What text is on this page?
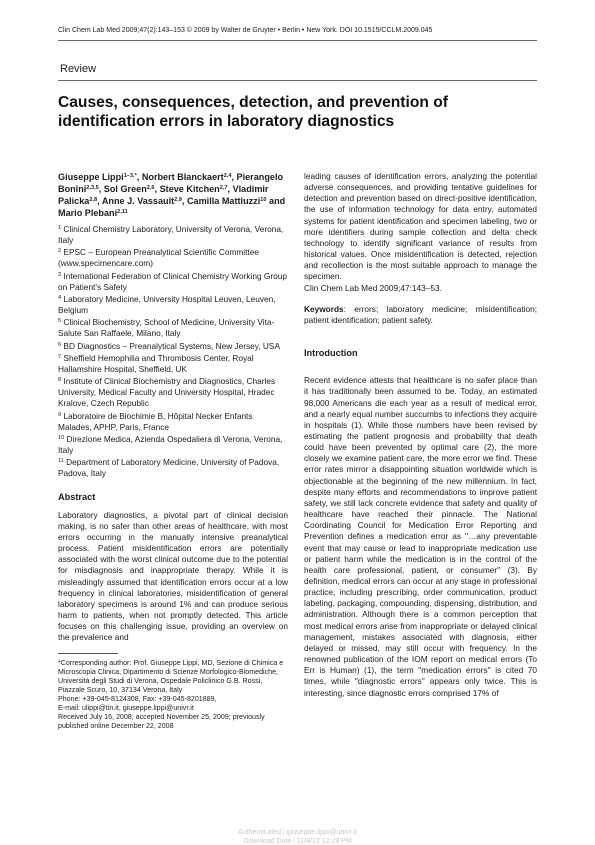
Clin Chem Lab Med 2009;47(2):143–153 © 2009 by Walter de Gruyter • Berlin • New York. DOI 10.1515/CCLM.2009.045
Review
Causes, consequences, detection, and prevention of identification errors in laboratory diagnostics
Giuseppe Lippi$^{1-3,*}$, Norbert Blanckaert$^{2,4}$, Pierangelo Bonini$^{2,3,5}$, Sol Green$^{2,6}$, Steve Kitchen$^{2,7}$, Vladimir Palicka$^{2,8}$, Anne J. Vassault$^{2,9}$, Camilla Mattiuzzi$^{10}$ and Mario Plebani$^{2,11}$

$^1$ Clinical Chemistry Laboratory, University of Verona, Verona, Italy

$^2$ EPSC – European Preanalytical Scientific Committee (www.specimencare.com)

$^3$ International Federation of Clinical Chemistry Working Group on Patient's Safety

$^4$ Laboratory Medicine, University Hospital Leuven, Leuven, Belgium

$^5$ Clinical Biochemistry, School of Medicine, University Vita-Salute San Raffaele, Milano, Italy

$^6$ BD Diagnostics – Preanalytical Systems, New Jersey, USA

$^7$ Sheffield Hemophilia and Thrombosis Center, Royal Hallamshire Hospital, Sheffield, UK

$^8$ Institute of Clinical Biochemistry and Diagnostics, Charles University, Medical Faculty and University Hospital, Hradec Kralove, Czech Republic

$^9$ Laboratoire de Biochimie B, Hôpital Necker Enfants Malades, APHP, Paris, France

$^{10}$ Direzione Medica, Azienda Ospedaliera di Verona, Verona, Italy

$^{11}$ Department of Laboratory Medicine, University of Padova, Padova, Italy

Abstract
Laboratory diagnostics, a pivotal part of clinical decision making, is no safer than other areas of healthcare, with most errors occurring in the manually intensive preanalytical process. Patient misidentification errors are potentially associated with the worst clinical outcome due to the potential for misdiagnosis and inappropriate therapy. While it is misleadingly assumed that identification errors occur at a low frequency in clinical laboratories, misidentification of general laboratory specimens is around 1% and can produce serious harm to patients, when not promptly detected. This article focuses on this challenging issue, providing an overview on the prevalence and
*Corresponding author: Prof. Giuseppe Lippi, MD, Sezione di Chimica e Microscopia Clinica, Dipartimento di Scienze Morfologico-Biomediche, Università degli Studi di Verona, Ospedale Policlinico G.B. Rossi, Piazzale Scuro, 10, 37134 Verona, Italy
Phone: +39-045-8124308, Fax: +39-045-8201889,
E-mail: ulippi@tin.it, giuseppe.lippi@univr.it
Received July 16, 2008; accepted November 25, 2009; previously published online December 22, 2008
leading causes of identification errors, analyzing the potential adverse consequences, and providing tentative guidelines for detection and prevention based on direct-positive identification, the use of information technology for data entry, automated systems for patient identification and specimen labeling, two or more identifiers during sample collection and delta check technology to identify significant variance of results from historical values. Once misidentification is detected, rejection and recollection is the most suitable approach to manage the specimen.
Clin Chem Lab Med 2009;47:143–53.
Keywords: errors; laboratory medicine; misidentification; patient identification; patient safety.
Introduction
Recent evidence attests that healthcare is no safer place than it has traditionally been assumed to be. Today, an estimated 98,000 Americans die each year as a result of medical error, and a nearly equal number succumbs to infections they acquire in hospitals (1). While those numbers have been revised by estimating the patient prognosis and probability that death could have been prevented by optimal care (2), the more closely we examine patient care, the more error we find. These error rates mirror a disappointing situation worldwide which is objectionable at the beginning of the new millennium. In fact, despite many efforts and recommendations to improve patient safety, we still lack concrete evidence that safety and quality of healthcare have reached their pinnacle. The National Coordinating Council for Medication Error Reporting and Prevention defines a medication error as ''…any preventable event that may cause or lead to inappropriate medication use or patient harm while the medication is in the control of the health care professional, patient, or consumer'' (3). By definition, medical errors can occur at any stage in professional practice, including prescribing, order communication, product labeling, packaging, compounding, dispensing, distribution, and administration. Although there is a common perception that most medical errors arise from inappropriate or delayed clinical management, mistakes associated with diagnosis, either delayed or missed, may still occur with frequency. In the renowned publication of the IOM report on medical errors (To Err is Human) (1), the term ''medication errors'' is cited 70 times, while ''diagnostic errors'' appears only twice. This is interesting, since diagnostic errors comprised 17% of
Authenticated | giuseppe.lippi@univr.it
Download Date | 11/9/12 12:29 PM
